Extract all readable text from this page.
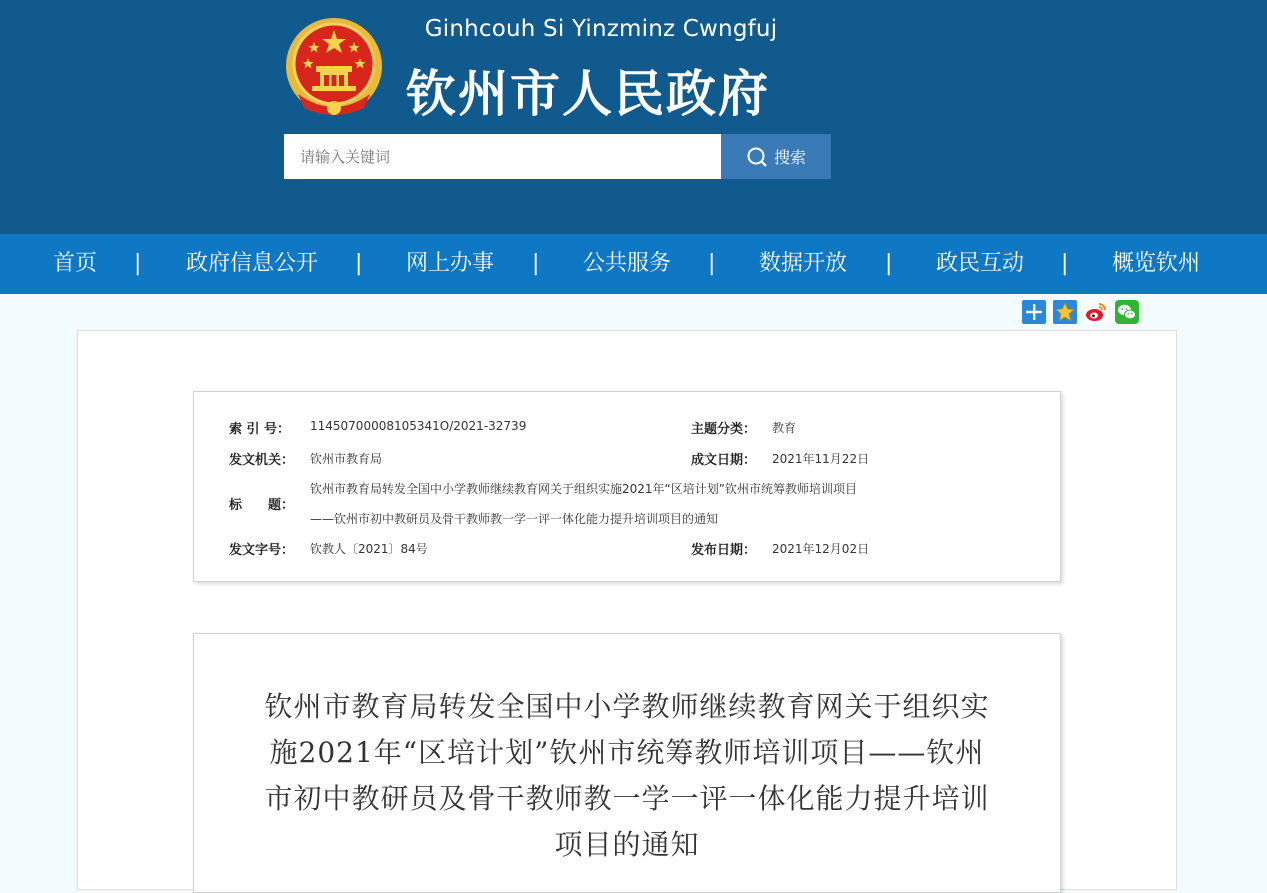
Ginhcouh Si Yinzminz Cwngfuj
钦州市人民政府
请输入关键词
搜索
首页 | 政府信息公开 | 网上办事 | 公共服务 | 数据开放 | 政民互动 | 概览钦州
索 引 号： 11450700008105341O/2021-32739	主题分类： 教育
发文机关： 钦州市教育局	成文日期： 2021年11月22日
标　　题：
钦州市教育局转发全国中小学教师继续教育网关于组织实施2021年“区培计划”钦州市统筹教师培训项目
——钦州市初中教研员及骨干教师教一学一评一体化能力提升培训项目的通知
发文字号： 钦教人〔2021〕84号	发布日期： 2021年12月02日
钦州市教育局转发全国中小学教师继续教育网关于组织实
施2021年“区培计划”钦州市统筹教师培训项目——钦州
市初中教研员及骨干教师教一学一评一体化能力提升培训
项目的通知
